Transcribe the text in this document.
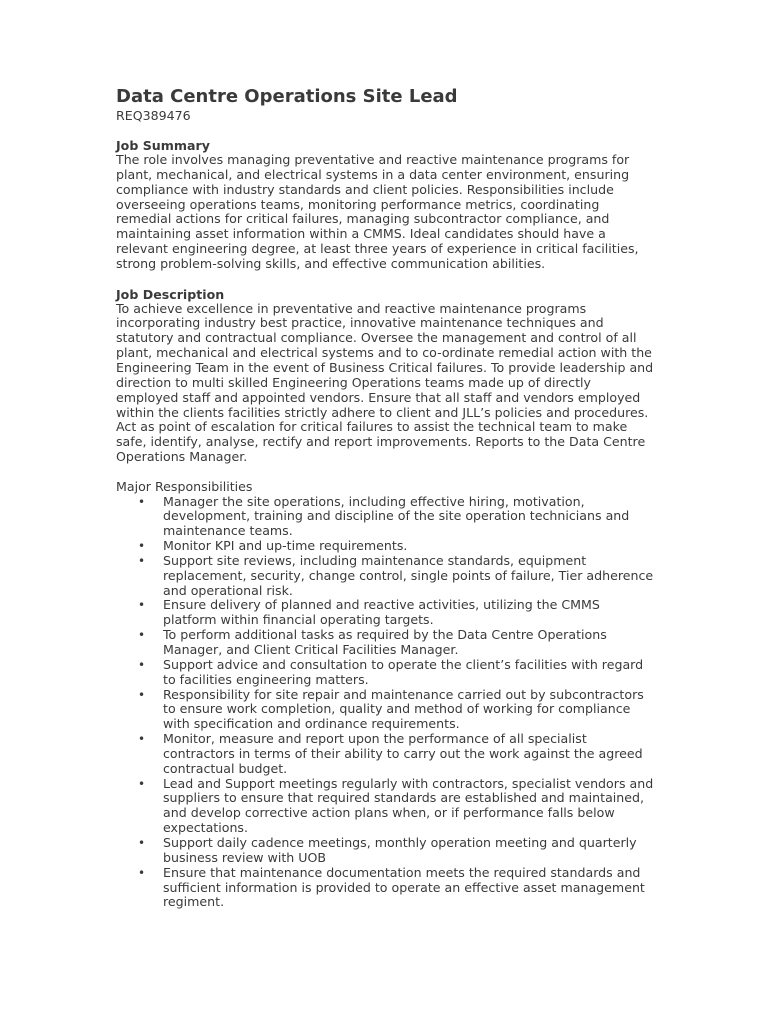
Data Centre Operations Site Lead

REQ389476

Job Summary

The role involves managing preventative and reactive maintenance programs for plant, mechanical, and electrical systems in a data center environment, ensuring compliance with industry standards and client policies. Responsibilities include overseeing operations teams, monitoring performance metrics, coordinating remedial actions for critical failures, managing subcontractor compliance, and maintaining asset information within a CMMS. Ideal candidates should have a relevant engineering degree, at least three years of experience in critical facilities, strong problem-solving skills, and effective communication abilities.

Job Description

To achieve excellence in preventative and reactive maintenance programs incorporating industry best practice, innovative maintenance techniques and statutory and contractual compliance. Oversee the management and control of all plant, mechanical and electrical systems and to co-ordinate remedial action with the Engineering Team in the event of Business Critical failures. To provide leadership and direction to multi skilled Engineering Operations teams made up of directly employed staff and appointed vendors. Ensure that all staff and vendors employed within the clients facilities strictly adhere to client and JLL’s policies and procedures. Act as point of escalation for critical failures to assist the technical team to make safe, identify, analyse, rectify and report improvements. Reports to the Data Centre Operations Manager.

Major Responsibilities

• Manager the site operations, including effective hiring, motivation, development, training and discipline of the site operation technicians and maintenance teams.
• Monitor KPI and up-time requirements.
• Support site reviews, including maintenance standards, equipment replacement, security, change control, single points of failure, Tier adherence and operational risk.
• Ensure delivery of planned and reactive activities, utilizing the CMMS platform within financial operating targets.
• To perform additional tasks as required by the Data Centre Operations Manager, and Client Critical Facilities Manager.
• Support advice and consultation to operate the client’s facilities with regard to facilities engineering matters.
• Responsibility for site repair and maintenance carried out by subcontractors to ensure work completion, quality and method of working for compliance with specification and ordinance requirements.
• Monitor, measure and report upon the performance of all specialist contractors in terms of their ability to carry out the work against the agreed contractual budget.
• Lead and Support meetings regularly with contractors, specialist vendors and suppliers to ensure that required standards are established and maintained, and develop corrective action plans when, or if performance falls below expectations.
• Support daily cadence meetings, monthly operation meeting and quarterly business review with UOB
• Ensure that maintenance documentation meets the required standards and sufficient information is provided to operate an effective asset management regiment.
